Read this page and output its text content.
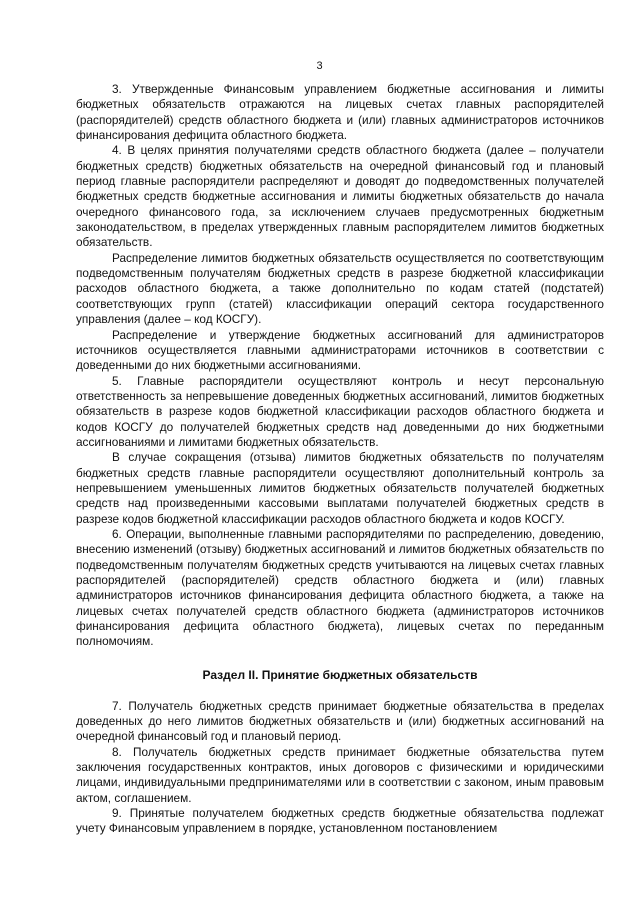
3

3. Утвержденные Финансовым управлением бюджетные ассигнования и лимиты бюджетных обязательств отражаются на лицевых счетах главных распорядителей (распорядителей) средств областного бюджета и (или) главных администраторов источников финансирования дефицита областного бюджета.

4. В целях принятия получателями средств областного бюджета (далее – получатели бюджетных средств) бюджетных обязательств на очередной финансовый год и плановый период главные распорядители распределяют и доводят до подведомственных получателей бюджетных средств бюджетные ассигнования и лимиты бюджетных обязательств до начала очередного финансового года, за исключением случаев предусмотренных бюджетным законодательством, в пределах утвержденных главным распорядителем лимитов бюджетных обязательств.

Распределение лимитов бюджетных обязательств осуществляется по соответствующим подведомственным получателям бюджетных средств в разрезе бюджетной классификации расходов областного бюджета, а также дополнительно по кодам статей (подстатей) соответствующих групп (статей) классификации операций сектора государственного управления (далее – код КОСГУ).

Распределение и утверждение бюджетных ассигнований для администраторов источников осуществляется главными администраторами источников в соответствии с доведенными до них бюджетными ассигнованиями.

5. Главные распорядители осуществляют контроль и несут персональную ответственность за непревышение доведенных бюджетных ассигнований, лимитов бюджетных обязательств в разрезе кодов бюджетной классификации расходов областного бюджета и кодов КОСГУ до получателей бюджетных средств над доведенными до них бюджетными ассигнованиями и лимитами бюджетных обязательств.

В случае сокращения (отзыва) лимитов бюджетных обязательств по получателям бюджетных средств главные распорядители осуществляют дополнительный контроль за непревышением уменьшенных лимитов бюджетных обязательств получателей бюджетных средств над произведенными кассовыми выплатами получателей бюджетных средств в разрезе кодов бюджетной классификации расходов областного бюджета и кодов КОСГУ.

6. Операции, выполненные главными распорядителями по распределению, доведению, внесению изменений (отзыву) бюджетных ассигнований и лимитов бюджетных обязательств по подведомственным получателям бюджетных средств учитываются на лицевых счетах главных распорядителей (распорядителей) средств областного бюджета и (или) главных администраторов источников финансирования дефицита областного бюджета, а также на лицевых счетах получателей средств областного бюджета (администраторов источников финансирования дефицита областного бюджета), лицевых счетах по переданным полномочиям.

Раздел II. Принятие бюджетных обязательств

7. Получатель бюджетных средств принимает бюджетные обязательства в пределах доведенных до него лимитов бюджетных обязательств и (или) бюджетных ассигнований на очередной финансовый год и плановый период.

8. Получатель бюджетных средств принимает бюджетные обязательства путем заключения государственных контрактов, иных договоров с физическими и юридическими лицами, индивидуальными предпринимателями или в соответствии с законом, иным правовым актом, соглашением.

9. Принятые получателем бюджетных средств бюджетные обязательства подлежат учету Финансовым управлением в порядке, установленном постановлением
